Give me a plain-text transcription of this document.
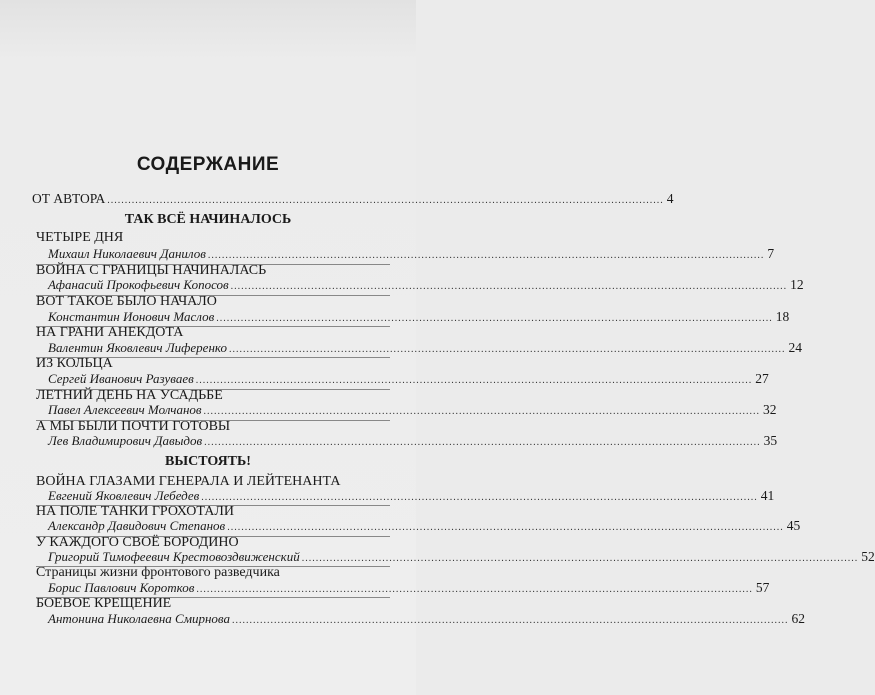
СОДЕРЖАНИЕ
ОТ АВТОРА ............................................................................................................................................................... 4
ТАК ВСЁ НАЧИНАЛОСЬ
ЧЕТЫРЕ ДНЯ
Михаил Николаевич Данилов ............................................................................................................................................................... 7
ВОЙНА С ГРАНИЦЫ НАЧИНАЛАСЬ
Афанасий Прокофьевич Копосов ............................................................................................................................................................... 12
ВОТ ТАКОЕ БЫЛО НАЧАЛО
Константин Ионович Маслов ............................................................................................................................................................... 18
НА ГРАНИ АНЕКДОТА
Валентин Яковлевич Лиференко ............................................................................................................................................................... 24
ИЗ КОЛЬЦА
Сергей Иванович Разуваев ............................................................................................................................................................... 27
ЛЕТНИЙ ДЕНЬ НА УСАДЬБЕ
Павел Алексеевич Молчанов ............................................................................................................................................................... 32
А МЫ БЫЛИ ПОЧТИ ГОТОВЫ
Лев Владимирович Давыдов ............................................................................................................................................................... 35
ВЫСТОЯТЬ!
ВОЙНА ГЛАЗАМИ ГЕНЕРАЛА И ЛЕЙТЕНАНТА
Евгений Яковлевич Лебедев ............................................................................................................................................................... 41
НА ПОЛЕ ТАНКИ ГРОХОТАЛИ
Александр Давидович Степанов ............................................................................................................................................................... 45
У КАЖДОГО СВОЁ БОРОДИНО
Григорий Тимофеевич Крестовоздвиженский ............................................................................................................................................................... 52
Страницы жизни фронтового разведчика
Борис Павлович Коротков ............................................................................................................................................................... 57
БОЕВОЕ КРЕЩЕНИЕ
Антонина Николаевна Смирнова ............................................................................................................................................................... 62
